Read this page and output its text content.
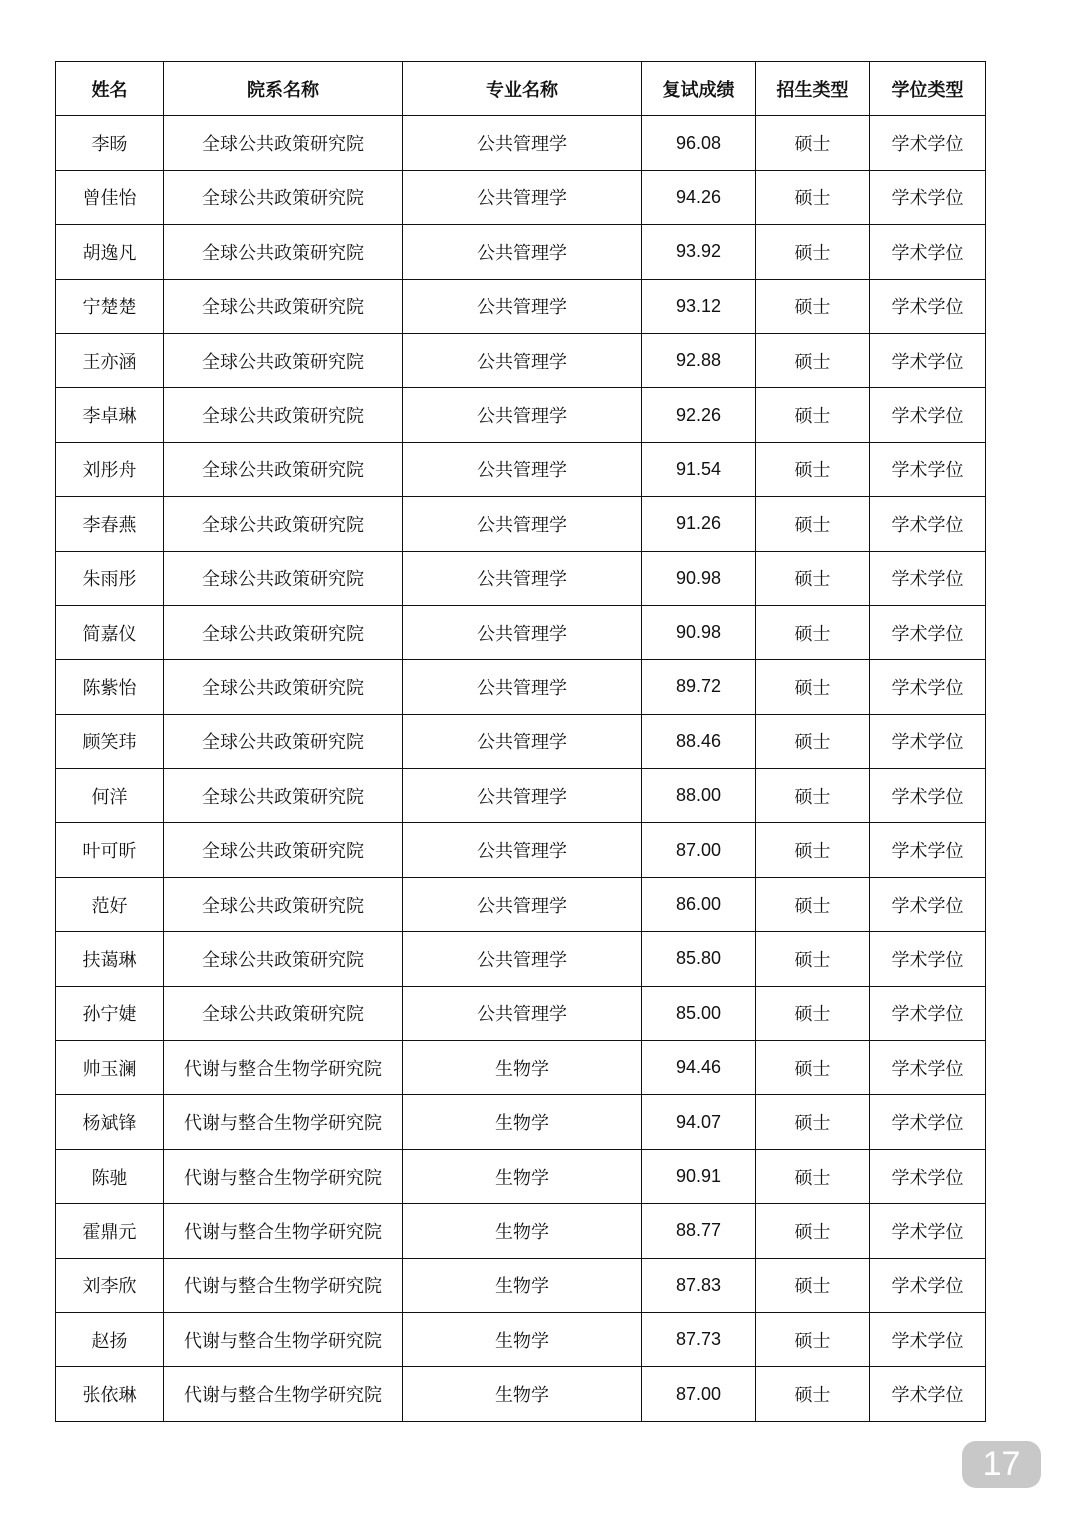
姓名	院系名称	专业名称	复试成绩	招生类型	学位类型
李旸	全球公共政策研究院	公共管理学	96.08	硕士	学术学位
曾佳怡	全球公共政策研究院	公共管理学	94.26	硕士	学术学位
胡逸凡	全球公共政策研究院	公共管理学	93.92	硕士	学术学位
宁楚楚	全球公共政策研究院	公共管理学	93.12	硕士	学术学位
王亦涵	全球公共政策研究院	公共管理学	92.88	硕士	学术学位
李卓琳	全球公共政策研究院	公共管理学	92.26	硕士	学术学位
刘彤舟	全球公共政策研究院	公共管理学	91.54	硕士	学术学位
李春燕	全球公共政策研究院	公共管理学	91.26	硕士	学术学位
朱雨彤	全球公共政策研究院	公共管理学	90.98	硕士	学术学位
简嘉仪	全球公共政策研究院	公共管理学	90.98	硕士	学术学位
陈紫怡	全球公共政策研究院	公共管理学	89.72	硕士	学术学位
顾笑玮	全球公共政策研究院	公共管理学	88.46	硕士	学术学位
何洋	全球公共政策研究院	公共管理学	88.00	硕士	学术学位
叶可昕	全球公共政策研究院	公共管理学	87.00	硕士	学术学位
范好	全球公共政策研究院	公共管理学	86.00	硕士	学术学位
扶蔼琳	全球公共政策研究院	公共管理学	85.80	硕士	学术学位
孙宁婕	全球公共政策研究院	公共管理学	85.00	硕士	学术学位
帅玉澜	代谢与整合生物学研究院	生物学	94.46	硕士	学术学位
杨斌锋	代谢与整合生物学研究院	生物学	94.07	硕士	学术学位
陈驰	代谢与整合生物学研究院	生物学	90.91	硕士	学术学位
霍鼎元	代谢与整合生物学研究院	生物学	88.77	硕士	学术学位
刘李欣	代谢与整合生物学研究院	生物学	87.83	硕士	学术学位
赵扬	代谢与整合生物学研究院	生物学	87.73	硕士	学术学位
张依琳	代谢与整合生物学研究院	生物学	87.00	硕士	学术学位
17
